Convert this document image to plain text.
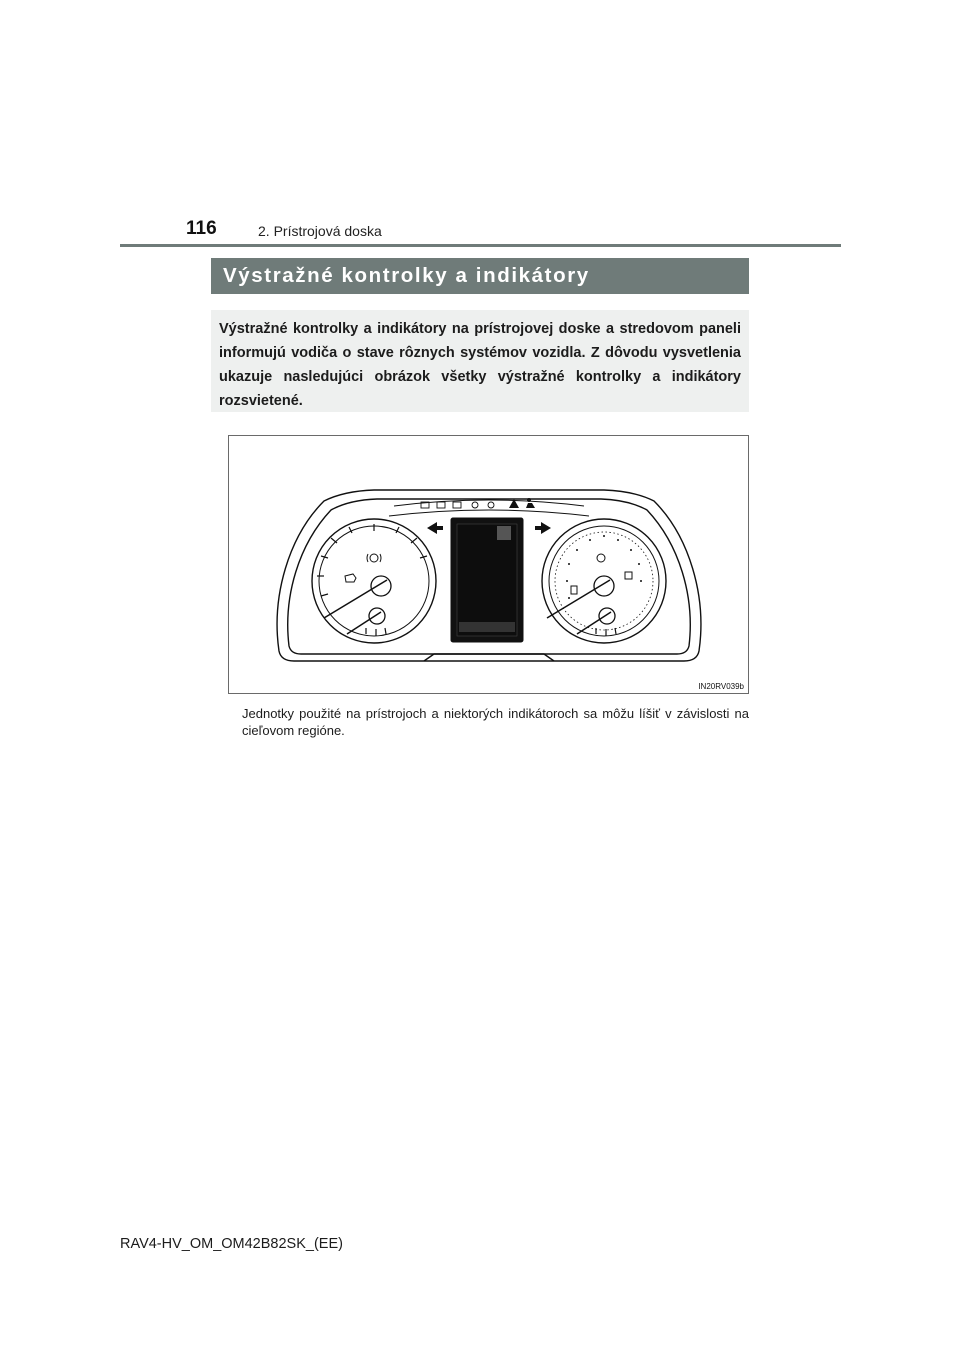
116	2. Prístrojová doska
Výstražné kontrolky a indikátory

Výstražné kontrolky a indikátory na prístrojovej doske a stredovom paneli informujú vodiča o stave rôznych systémov vozidla. Z dôvodu vysvetlenia ukazuje nasledujúci obrázok všetky výstražné kontrolky a indikátory rozsvietené.

IN20RV039b

Jednotky použité na prístrojoch a niektorých indikátoroch sa môžu líšiť v závislosti na cieľovom regióne.

RAV4-HV_OM_OM42B82SK_(EE)
